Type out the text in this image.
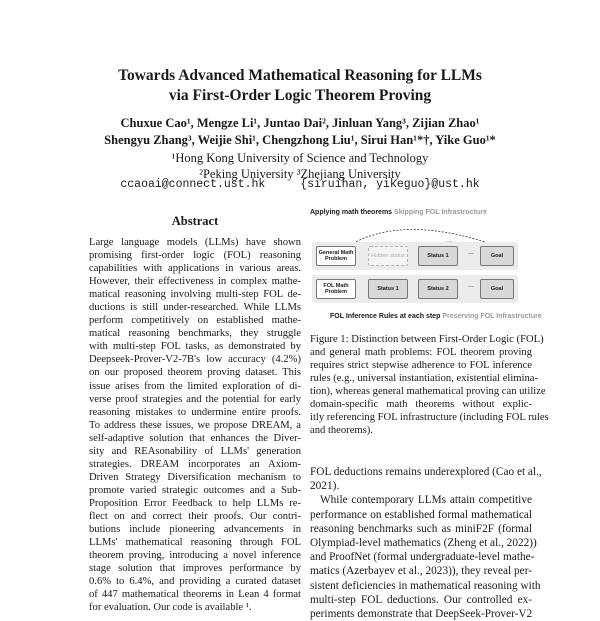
Towards Advanced Mathematical Reasoning for LLMs
via First-Order Logic Theorem Proving
Chuxue Cao¹, Mengze Li¹, Juntao Dai², Jinluan Yang³, Zijian Zhao¹
Shengyu Zhang³, Weijie Shi¹, Chengzhong Liu¹, Sirui Han¹*†, Yike Guo¹*
¹Hong Kong University of Science and Technology
²Peking University ³Zhejiang University
ccaoai@connect.ust.hk	{siruihan, yikeguo}@ust.hk
Abstract
Large language models (LLMs) have shown
promising first-order logic (FOL) reasoning
capabilities with applications in various areas.
However, their effectiveness in complex mathe-
matical reasoning involving multi-step FOL de-
ductions is still under-researched. While LLMs
perform competitively on established mathe-
matical reasoning benchmarks, they struggle
with multi-step FOL tasks, as demonstrated by
Deepseek-Prover-V2-7B's low accuracy (4.2%)
on our proposed theorem proving dataset. This
issue arises from the limited exploration of di-
verse proof strategies and the potential for early
reasoning mistakes to undermine entire proofs.
To address these issues, we propose DREAM, a
self-adaptive solution that enhances the Diver-
sity and REAsonability of LLMs' generation
strategies. DREAM incorporates an Axiom-
Driven Strategy Diversification mechanism to
promote varied strategic outcomes and a Sub-
Proposition Error Feedback to help LLMs re-
flect on and correct their proofs. Our contri-
butions include pioneering advancements in
LLMs' mathematical reasoning through FOL
theorem proving, introducing a novel inference
stage solution that improves performance by
0.6% to 6.4%, and providing a curated dataset
of 447 mathematical theorems in Lean 4 format
for evaluation. Our code is available ¹.
Applying math theorems Skipping FOL Infrastructure
General Math Problem
Hidden status	Status 1	...	Goal
FOL Math Problem
Status 1	Status 2	...	Goal
FOL Inference Rules at each step Preserving FOL Infrastructure
Figure 1: Distinction between First-Order Logic (FOL)
and general math problems: FOL theorem proving
requires strict stepwise adherence to FOL inference
rules (e.g., universal instantiation, existential elimina-
tion), whereas general mathematical proving can utilize
domain-specific math theorems without explic-
itly referencing FOL infrastructure (including FOL rules
and theorems).
FOL deductions remains underexplored (Cao et al.,
2021).
While contemporary LLMs attain competitive
performance on established formal mathematical
reasoning benchmarks such as miniF2F (formal
Olympiad-level mathematics (Zheng et al., 2022))
and ProofNet (formal undergraduate-level mathe-
matics (Azerbayev et al., 2023)), they reveal per-
sistent deficiencies in mathematical reasoning with
multi-step FOL deductions. Our controlled ex-
periments demonstrate that DeepSeek-Prover-V2
